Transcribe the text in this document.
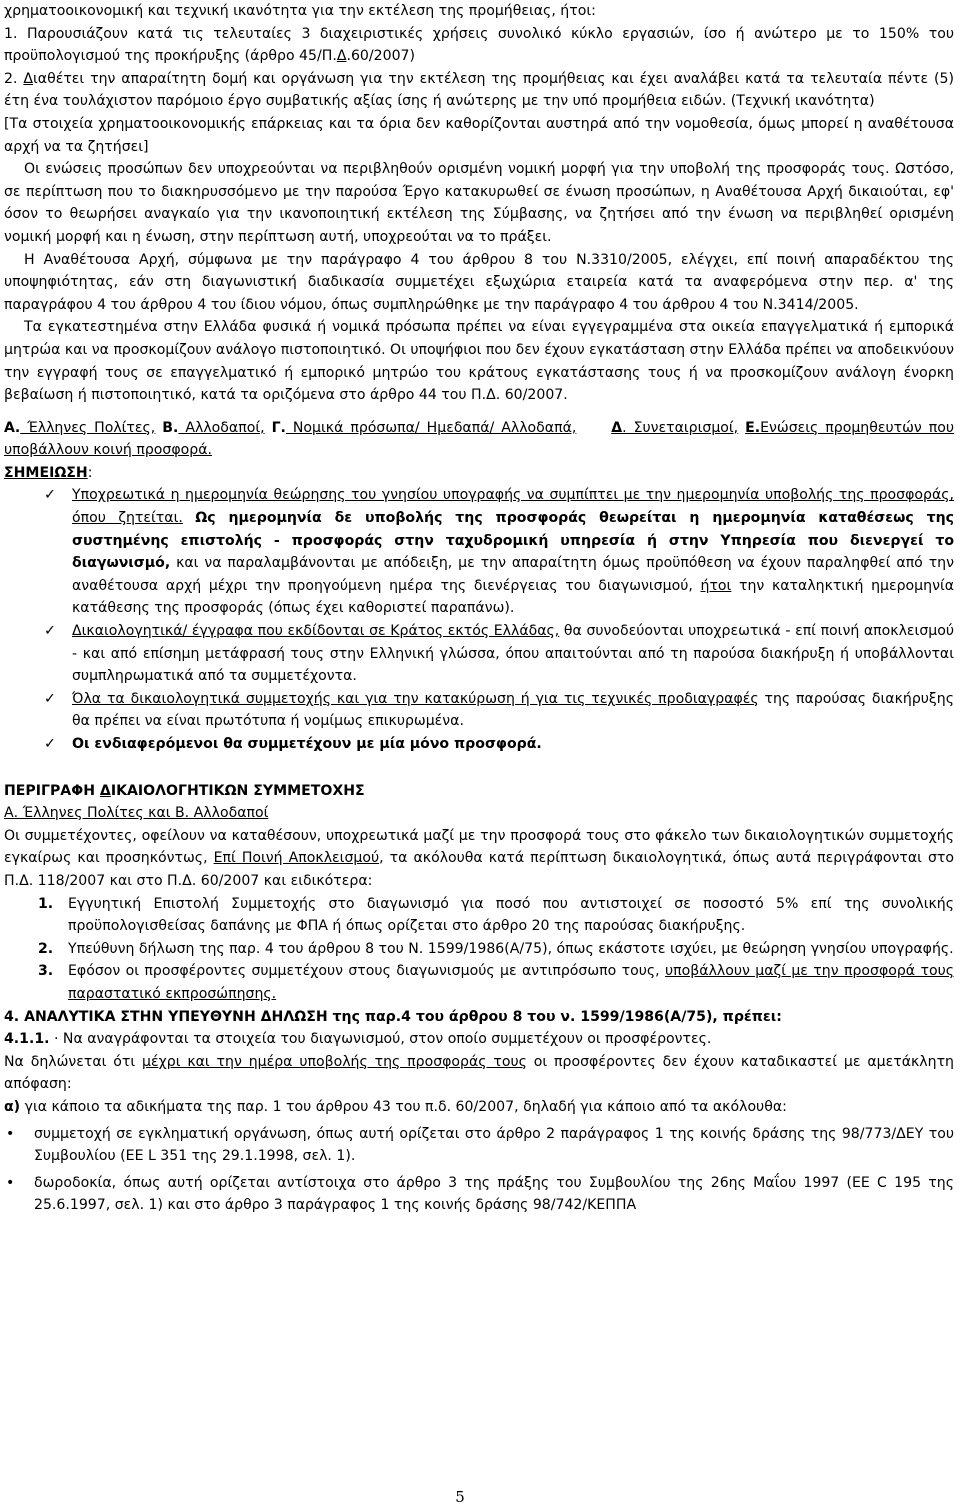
χρηματοοικονομική και τεχνική ικανότητα για την εκτέλεση της προμήθειας, ήτοι:

1. Παρουσιάζουν κατά τις τελευταίες 3 διαχειριστικές χρήσεις συνολικό κύκλο εργασιών, ίσο ή ανώτερο με το 150% του προϋπολογισμού της προκήρυξης (άρθρο 45/Π.Δ.60/2007)

2. Διαθέτει την απαραίτητη δομή και οργάνωση για την εκτέλεση της προμήθειας και έχει αναλάβει κατά τα τελευταία πέντε (5) έτη ένα τουλάχιστον παρόμοιο έργο συμβατικής αξίας ίσης ή ανώτερης με την υπό προμήθεια ειδών. (Τεχνική ικανότητα)

[Τα στοιχεία χρηματοοικονομικής επάρκειας και τα όρια δεν καθορίζονται αυστηρά από την νομοθεσία, όμως μπορεί η αναθέτουσα αρχή να τα ζητήσει]

Οι ενώσεις προσώπων δεν υποχρεούνται να περιβληθούν ορισμένη νομική μορφή για την υποβολή της προσφοράς τους. Ωστόσο, σε περίπτωση που το διακηρυσσόμενο με την παρούσα Έργο κατακυρωθεί σε ένωση προσώπων, η Αναθέτουσα Αρχή δικαιούται, εφ' όσον το θεωρήσει αναγκαίο για την ικανοποιητική εκτέλεση της Σύμβασης, να ζητήσει από την ένωση να περιβληθεί ορισμένη νομική μορφή και η ένωση, στην περίπτωση αυτή, υποχρεούται να το πράξει.

Η Αναθέτουσα Αρχή, σύμφωνα με την παράγραφο 4 του άρθρου 8 του Ν.3310/2005, ελέγχει, επί ποινή απαραδέκτου της υποψηφιότητας, εάν στη διαγωνιστική διαδικασία συμμετέχει εξωχώρια εταιρεία κατά τα αναφερόμενα στην περ. α' της παραγράφου 4 του άρθρου 4 του ίδιου νόμου, όπως συμπληρώθηκε με την παράγραφο 4 του άρθρου 4 του Ν.3414/2005.

Τα εγκατεστημένα στην Ελλάδα φυσικά ή νομικά πρόσωπα πρέπει να είναι εγγεγραμμένα στα οικεία επαγγελματικά ή εμπορικά μητρώα και να προσκομίζουν ανάλογο πιστοποιητικό. Οι υποψήφιοι που δεν έχουν εγκατάσταση στην Ελλάδα πρέπει να αποδεικνύουν την εγγραφή τους σε επαγγελματικό ή εμπορικό μητρώο του κράτους εγκατάστασης τους ή να προσκομίζουν ανάλογη ένορκη βεβαίωση ή πιστοποιητικό, κατά τα οριζόμενα στο άρθρο 44 του Π.Δ. 60/2007.

Α. Έλληνες Πολίτες, Β. Αλλοδαποί, Γ. Νομικά πρόσωπα/ Ημεδαπά/ Αλλοδαπά, Δ. Συνεταιρισμοί, Ε.Ενώσεις προμηθευτών που υποβάλλουν κοινή προσφορά.

ΣΗΜΕΙΩΣΗ:

✓ Υποχρεωτικά η ημερομηνία θεώρησης του γνησίου υπογραφής να συμπίπτει με την ημερομηνία υποβολής της προσφοράς, όπου ζητείται. Ως ημερομηνία δε υποβολής της προσφοράς θεωρείται η ημερομηνία καταθέσεως της συστημένης επιστολής - προσφοράς στην ταχυδρομική υπηρεσία ή στην Υπηρεσία που διενεργεί το διαγωνισμό, και να παραλαμβάνονται με απόδειξη, με την απαραίτητη όμως προϋπόθεση να έχουν παραληφθεί από την αναθέτουσα αρχή μέχρι την προηγούμενη ημέρα της διενέργειας του διαγωνισμού, ήτοι την καταληκτική ημερομηνία κατάθεσης της προσφοράς (όπως έχει καθοριστεί παραπάνω).

✓ Δικαιολογητικά/ έγγραφα που εκδίδονται σε Κράτος εκτός Ελλάδας, θα συνοδεύονται υποχρεωτικά - επί ποινή αποκλεισμού - και από επίσημη μετάφρασή τους στην Ελληνική γλώσσα, όπου απαιτούνται από τη παρούσα διακήρυξη ή υποβάλλονται συμπληρωματικά από τα συμμετέχοντα.

✓ Όλα τα δικαιολογητικά συμμετοχής και για την κατακύρωση ή για τις τεχνικές προδιαγραφές της παρούσας διακήρυξης θα πρέπει να είναι πρωτότυπα ή νομίμως επικυρωμένα.

✓ Οι ενδιαφερόμενοι θα συμμετέχουν με μία μόνο προσφορά.

ΠΕΡΙΓΡΑΦΗ ΔΙΚΑΙΟΛΟΓΗΤΙΚΩΝ ΣΥΜΜΕΤΟΧΗΣ

Α. Έλληνες Πολίτες και Β. Αλλοδαποί

Οι συμμετέχοντες, οφείλουν να καταθέσουν, υποχρεωτικά μαζί με την προσφορά τους στο φάκελο των δικαιολογητικών συμμετοχής εγκαίρως και προσηκόντως, Επί Ποινή Αποκλεισμού, τα ακόλουθα κατά περίπτωση δικαιολογητικά, όπως αυτά περιγράφονται στο Π.Δ. 118/2007 και στο Π.Δ. 60/2007 και ειδικότερα:

1. Εγγυητική Επιστολή Συμμετοχής στο διαγωνισμό για ποσό που αντιστοιχεί σε ποσοστό 5% επί της συνολικής προϋπολογισθείσας δαπάνης με ΦΠΑ ή όπως ορίζεται στο άρθρο 20 της παρούσας διακήρυξης.

2. Υπεύθυνη δήλωση της παρ. 4 του άρθρου 8 του Ν. 1599/1986(Α/75), όπως εκάστοτε ισχύει, με θεώρηση γνησίου υπογραφής.

3. Εφόσον οι προσφέροντες συμμετέχουν στους διαγωνισμούς με αντιπρόσωπο τους, υποβάλλουν μαζί με την προσφορά τους παραστατικό εκπροσώπησης.

4. ΑΝΑΛΥΤΙΚΑ ΣΤΗΝ ΥΠΕΥΘΥΝΗ ΔΗΛΩΣΗ της παρ.4 του άρθρου 8 του ν. 1599/1986(Α/75), πρέπει:

4.1.1. · Να αναγράφονται τα στοιχεία του διαγωνισμού, στον οποίο συμμετέχουν οι προσφέροντες.

Να δηλώνεται ότι μέχρι και την ημέρα υποβολής της προσφοράς τους οι προσφέροντες δεν έχουν καταδικαστεί με αμετάκλητη απόφαση:

α) για κάποιο τα αδικήματα της παρ. 1 του άρθρου 43 του π.δ. 60/2007, δηλαδή για κάποιο από τα ακόλουθα:

• συμμετοχή σε εγκληματική οργάνωση, όπως αυτή ορίζεται στο άρθρο 2 παράγραφος 1 της κοινής δράσης της 98/773/ΔΕΥ του Συμβουλίου (ΕΕ L 351 της 29.1.1998, σελ. 1).

• δωροδοκία, όπως αυτή ορίζεται αντίστοιχα στο άρθρο 3 της πράξης του Συμβουλίου της 26ης Μαΐου 1997 (ΕΕ C 195 της 25.6.1997, σελ. 1) και στο άρθρο 3 παράγραφος 1 της κοινής δράσης 98/742/ΚΕΠΠΑ

5
